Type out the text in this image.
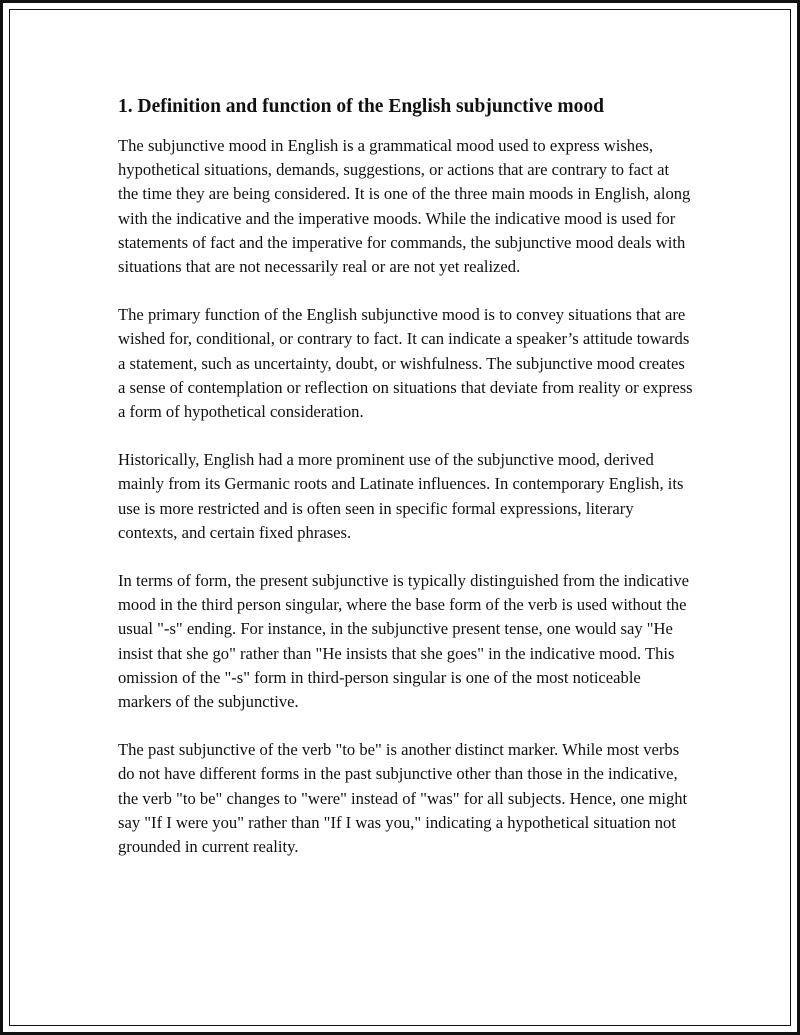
1. Definition and function of the English subjunctive mood

The subjunctive mood in English is a grammatical mood used to express wishes, hypothetical situations, demands, suggestions, or actions that are contrary to fact at the time they are being considered. It is one of the three main moods in English, along with the indicative and the imperative moods. While the indicative mood is used for statements of fact and the imperative for commands, the subjunctive mood deals with situations that are not necessarily real or are not yet realized.

The primary function of the English subjunctive mood is to convey situations that are wished for, conditional, or contrary to fact. It can indicate a speaker’s attitude towards a statement, such as uncertainty, doubt, or wishfulness. The subjunctive mood creates a sense of contemplation or reflection on situations that deviate from reality or express a form of hypothetical consideration.

Historically, English had a more prominent use of the subjunctive mood, derived mainly from its Germanic roots and Latinate influences. In contemporary English, its use is more restricted and is often seen in specific formal expressions, literary contexts, and certain fixed phrases.

In terms of form, the present subjunctive is typically distinguished from the indicative mood in the third person singular, where the base form of the verb is used without the usual "-s" ending. For instance, in the subjunctive present tense, one would say "He insist that she go" rather than "He insists that she goes" in the indicative mood. This omission of the "-s" form in third-person singular is one of the most noticeable markers of the subjunctive.

The past subjunctive of the verb "to be" is another distinct marker. While most verbs do not have different forms in the past subjunctive other than those in the indicative, the verb "to be" changes to "were" instead of "was" for all subjects. Hence, one might say "If I were you" rather than "If I was you," indicating a hypothetical situation not grounded in current reality.
